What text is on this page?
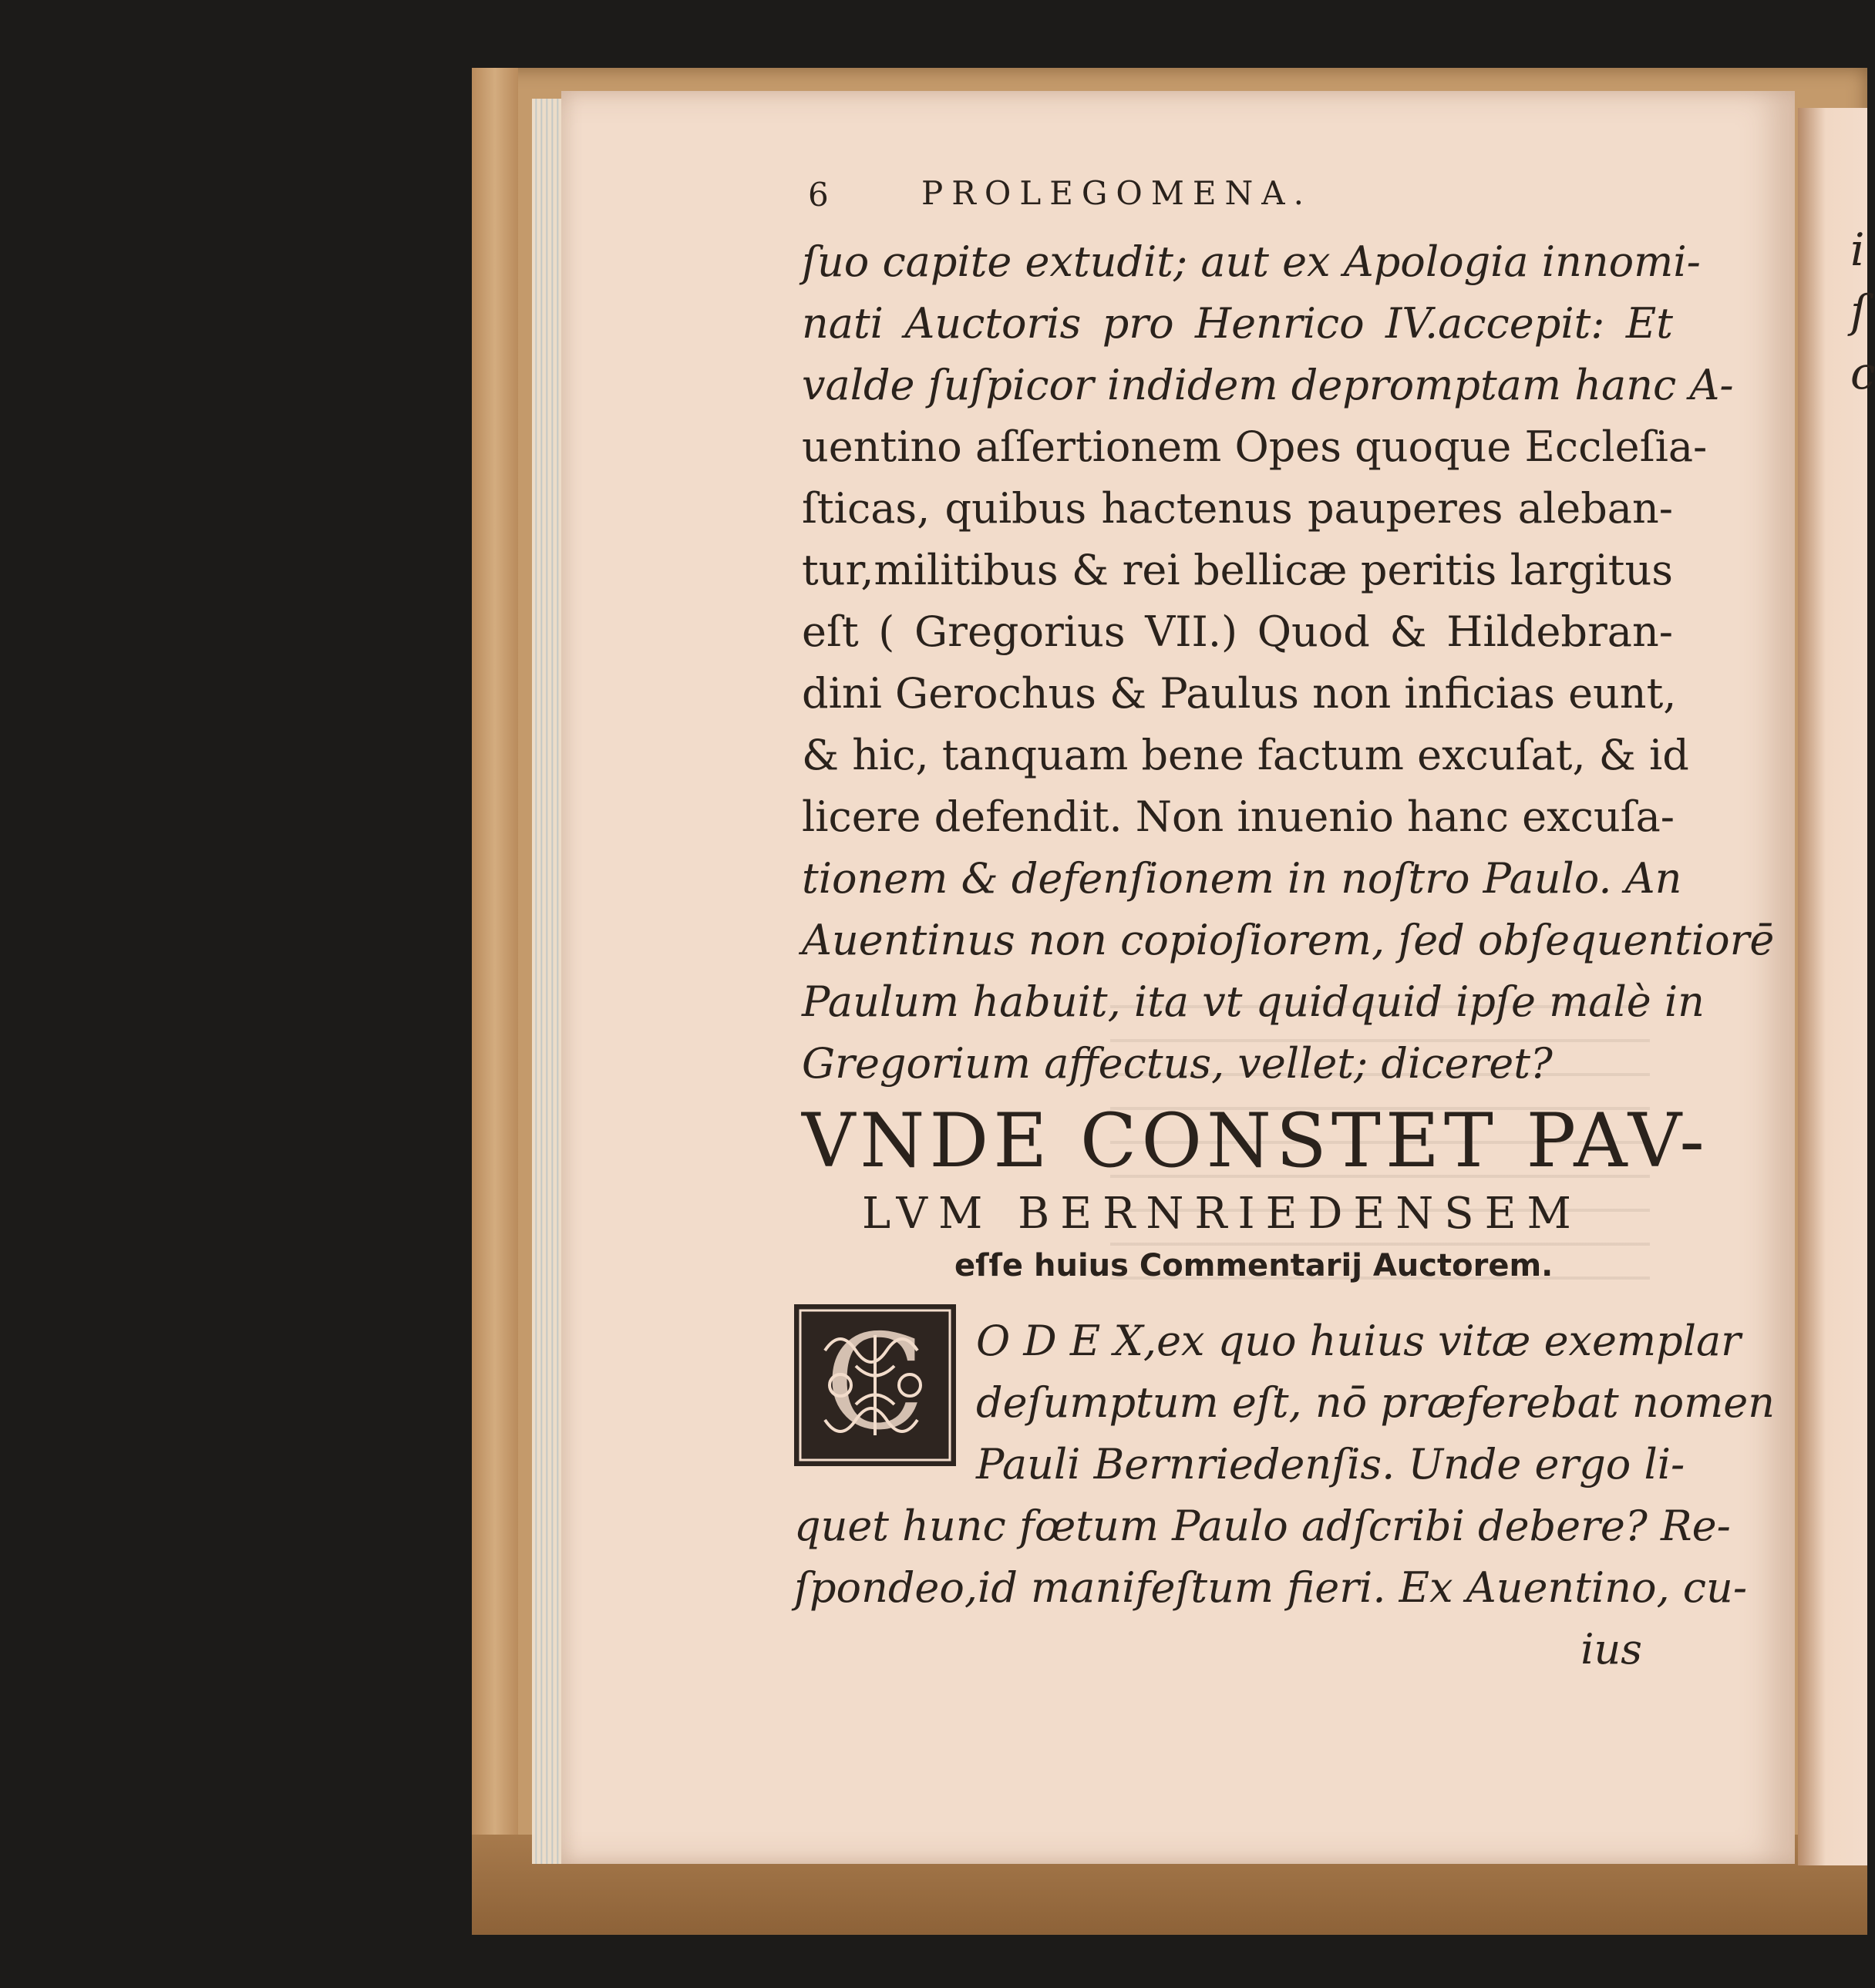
i
ſ
c
6	PROLEGOMENA.
ſuo capite extudit; aut ex Apologia innomi-
nati Auctoris pro Henrico IV.accepit: Et
valde ſuſpicor indidem depromptam hanc A-
uentino aſſertionem Opes quoque Eccleſia-
ſticas, quibus hactenus pauperes aleban-
tur,militibus & rei bellicæ peritis largitus
eſt ( Gregorius VII.) Quod & Hildebran-
dini Gerochus & Paulus non inficias eunt,
& hic, tanquam bene factum excuſat, & id
licere defendit. Non inuenio hanc excuſa-
tionem & defenſionem in noſtro Paulo. An
Auentinus non copioſiorem, ſed obſequentiorē
Paulum habuit, ita vt quidquid ipſe malè in
Gregorium affectus, vellet; diceret?
VNDE CONSTET PAV-
LVM BERNRIEDENSEM
eſſe huius Commentarij Auctorem.
C O D E X,ex quo huius vitæ exemplar
deſumptum eſt, nō præferebat nomen
Pauli Bernriedenſis. Unde ergo li-
quet hunc fœtum Paulo adſcribi debere? Re-
ſpondeo,id manifeſtum fieri. Ex Auentino, cu-
ius
